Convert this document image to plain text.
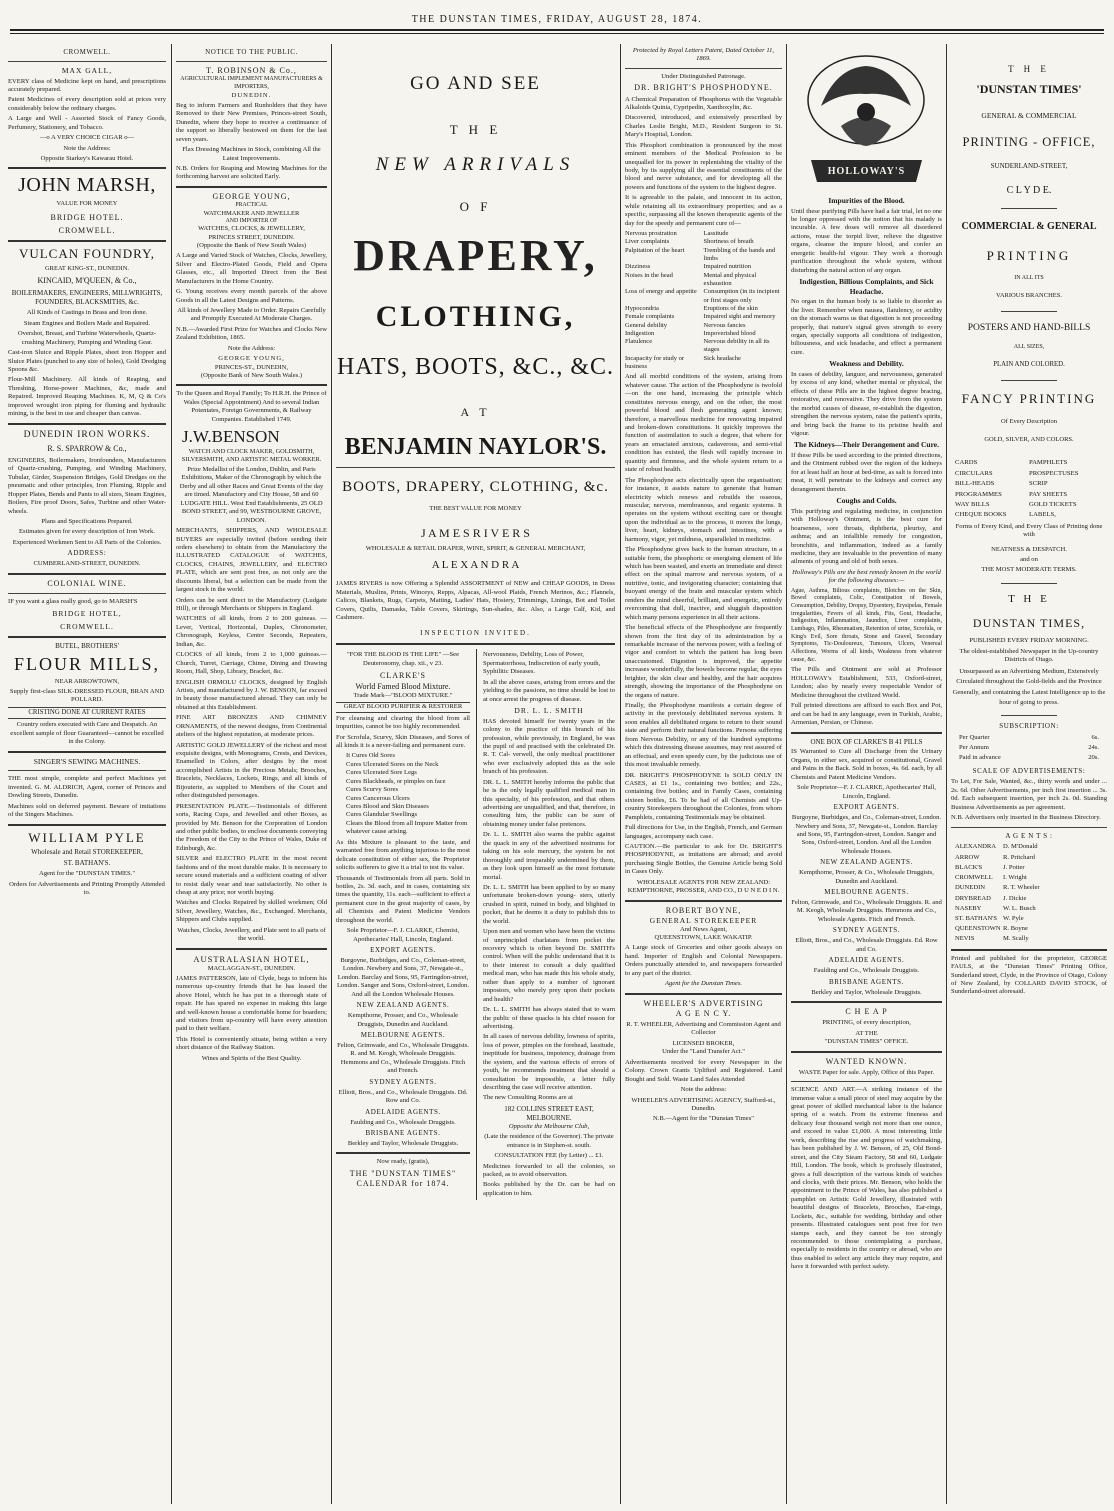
THE DUNSTAN TIMES, FRIDAY, AUGUST 28, 1874.
CROMWELL.
MAX GALL,

EVERY class of Medicine kept on hand, and prescriptions accurately prepared.

Patent Medicines of every description sold at prices very considerably below the ordinary charges.

A Large and Well - Assorted Stock of Fancy Goods, Perfumery, Stationery, and Tobacco.

—o A VERY CHOICE CIGAR o—

Note the Address:

Opposite Starkey's Kawarau Hotel.

JOHN MARSH,
VALUE FOR MONEY
BRIDGE HOTEL.
CROMWELL.
VULCAN FOUNDRY,
GREAT KING-ST., DUNEDIN.
KINCAID, M'QUEEN, & Co.,
BOILERMAKERS, ENGINEERS, MILLWRIGHTS, FOUNDERS, BLACKSMITHS, &c.

All Kinds of Castings in Brass and Iron done.

Steam Engines and Boilers Made and Repaired.

Overshot, Breast, and Turbine Waterwheels, Quartz-crushing Machinery, Pumping and Winding Gear.

Cast-iron Sluice and Ripple Plates, sheet iron Hopper and Sluice Plates (punched to any size of holes), Gold Dredging Spoons &c.

Flour-Mill Machinery. All kinds of Reaping, and Threshing, Horse-power Machines, &c, made and Repaired. Improved Reaping Machines. K, M, Q & Co's improved wrought iron piping for fluming and hydraulic mining, is the best in use and cheaper than canvas.

DUNEDIN IRON WORKS.
R. S. SPARROW & Co.,

ENGINEERS, Boilermakers, Ironfounders, Manufacturers of Quartz-crushing, Pumping, and Winding Machinery, Tubular, Girder, Suspension Bridges, Gold Dredges on the pneumatic and other principles, Iron Fluming, Ripple and Hopper Plates, Bends and Pants to all sizes, Steam Engines, Boilers, Fire proof Doors, Safes, Turbine and other Water-wheels.

Plans and Specifications Prepared.

Estimates given for every description of Iron Work.

Experienced Workmen Sent to All Parts of the Colonies.

ADDRESS:

CUMBERLAND-STREET, DUNEDIN.

COLONIAL WINE.

IF you want a glass really good, go to MARSH'S

BRIDGE HOTEL,
CROMWELL.
BUTEL, BROTHERS'
FLOUR MILLS,
NEAR ARROWTOWN,

Supply first-class SILK-DRESSED FLOUR, BRAN AND POLLARD.

CRISTING DONE AT CURRENT RATES

Country orders executed with Care and Despatch. An excellent sample of flour Guaranteed—cannot be excelled in the Colony.

SINGER'S SEWING MACHINES.

THE most simple, complete and perfect Machines yet invented. G. M. ALDRICH, Agent, corner of Princes and Dowling Streets, Dunedin.

Machines sold on deferred payment. Beware of imitations of the Singers Machines.

WILLIAM PYLE
Wholesale and Retail STOREKEEPER,
ST. BATHAN'S.

Agent for the "DUNSTAN TIMES."

Orders for Advertisements and Printing Promptly Attended to.

NOTICE TO THE PUBLIC.
T. ROBINSON & Co.,
AGRICULTURAL IMPLEMENT MANUFACTURERS & IMPORTERS,
DUNEDIN.

Beg to inform Farmers and Runholders that they have Removed to their New Premises, Princes-street South, Dunedin, where they hope to receive a continuance of the support so liberally bestowed on them for the last seven years.

Flax Dressing Machines in Stock, combining All the Latest Improvements.

N.B. Orders for Reaping and Mowing Machines for the forthcoming harvest are solicited Early.

GEORGE YOUNG,
PRACTICAL
WATCHMAKER AND JEWELLER
AND IMPORTER OF
WATCHES, CLOCKS, & JEWELLERY,
PRINCES STREET, DUNEDIN.
(Opposite the Bank of New South Wales)

A Large and Varied Stock of Watches, Clocks, Jewellery, Silver and Electro-Plated Goods, Field and Opera Glasses, etc., all Imported Direct from the Best Manufacturers in the Home Country.

G. Young receives every month parcels of the above Goods in all the Latest Designs and Patterns.

All kinds of Jewellery Made to Order. Repairs Carefully and Promptly Executed At Moderate Charges.

N.B.—Awarded First Prize for Watches and Clocks New Zealand Exhibition, 1865.

Note the Address:

GEORGE YOUNG,
PRINCES-ST., DUNEDIN,
(Opposite Bank of New South Wales.)

To the Queen and Royal Family; To H.R.H. the Prince of Wales (Special Appointment) And to several Indian Potentates, Foreign Governments, & Railway Companies. Established 1749.

J.W.BENSON
WATCH AND CLOCK MAKER, GOLDSMITH, SILVERSMITH, AND ARTISTIC METAL WORKER.

Prize Medallist of the London, Dublin, and Paris Exhibitions, Maker of the Chronograph by which the Derby and all other Races and Great Events of the day are timed. Manufactory and City House, 58 and 60 LUDGATE HILL. West End Establishments, 25 OLD BOND STREET, and 99, WESTBOURNE GROVE, LONDON.

MERCHANTS, SHIPPERS, AND WHOLESALE BUYERS are especially invited (before sending their orders elsewhere) to obtain from the Manufactory the ILLUSTRATED CATALOGUE of WATCHES, CLOCKS, CHAINS, JEWELLERY, and ELECTRO PLATE, which are sent post free, as not only are the discounts liberal, but a selection can be made from the largest stock in the world.

Orders can be sent direct to the Manufactory (Ludgate Hill), or through Merchants or Shippers in England.

WATCHES of all kinds, from 2 to 200 guineas. — Lever, Vertical, Horizontal, Duplex, Chronometer, Chronograph, Keyless, Centre Seconds, Repeaters, Indian, &c.

CLOCKS of all kinds, from 2 to 1,000 guineas.—Church, Turret, Carriage, Chime, Dining and Drawing Room, Hall, Shop, Library, Bracket, &c.

ENGLISH ORMOLU CLOCKS, designed by English Artists, and manufactured by J. W. BENSON, far exceed in beauty those manufactured abroad. They can only be obtained at this Establishment.

FINE ART BRONZES AND CHIMNEY ORNAMENTS, of the newest designs, from Continental ateliers of the highest reputation, at moderate prices.

ARTISTIC GOLD JEWELLERY of the richest and most exquisite designs, with Monograms, Crests, and Devices, Enamelled in Colors, after designs by the most accomplished Artists in the Precious Metals; Brooches, Bracelets, Necklaces, Lockets, Rings, and all kinds of Bijouterie, as supplied to Members of the Court and other distinguished personages.

PRESENTATION PLATE.—Testimonials of different sorts, Racing Cups, and Jewelled and other Boxes, as provided by Mr. Benson for the Corporation of London and other public bodies, to enclose documents conveying the Freedom of the City to the Prince of Wales, Duke of Edinburgh, &c.

SILVER and ELECTRO PLATE in the most recent fashions and of the most durable make. It is necessary to secure sound materials and a sufficient coating of silver to resist daily wear and tear satisfactorily. No other is cheap at any price; nor worth buying.

Watches and Clocks Repaired by skilled workmen; Old Silver, Jewellery, Watches, &c., Exchanged. Merchants, Shippers and Clubs supplied.

Watches, Clocks, Jewellery, and Plate sent to all parts of the world.

AUSTRALASIAN HOTEL,
MACLAGGAN-ST., DUNEDIN.

JAMES PATTERSON, late of Clyde, begs to inform his numerous up-country friends that he has leased the above Hotel, which he has put in a thorough state of repair. He has spared no expense in making this large and well-known house a comfortable home for boarders; and visitors from up-country will have every attention paid to their welfare.

This Hotel is conveniently situate, being within a very short distance of the Railway Station.

Wines and Spirits of the Best Quality.

GO AND SEE
T H E
NEW ARRIVALS
O F
DRAPERY,
CLOTHING,
HATS, BOOTS, &C., &C.
A T
BENJAMIN NAYLOR'S.
BOOTS, DRAPERY, CLOTHING, &c.
THE BEST VALUE FOR MONEY
J A M E S R I V E R S
WHOLESALE & RETAIL DRAPER, WINE, SPIRIT, & GENERAL MERCHANT,
A L E X A N D R A

JAMES RIVERS is now Offering a Splendid ASSORTMENT of NEW and CHEAP GOODS, in Dress Materials, Muslins, Prints, Winceys, Repps, Alpacas, All-wool Plaids, French Merinos, &c.; Flannels, Calicos, Blankets, Rugs, Carpets, Matting, Ladies' Hats, Hosiery, Trimmings, Linings, Bot and Toilet Covers, Quilts, Damasks, Table Covers, Skirtings, Sun-shades, &c. Also, a Large Calf, Kid, and Cashmere.

INSPECTION INVITED.

"FOR THE BLOOD IS THE LIFE" —See Deuteronomy, chap. xii., v 23.

CLARKE'S
World Famed Blood Mixture.
Trade Mark—"BLOOD MIXTURE."
GREAT BLOOD PURIFIER & RESTORER

For cleansing and clearing the blood from all impurities, cannot be too highly recommended.

For Scrofula, Scurvy, Skin Diseases, and Sores of all kinds it is a never-failing and permanent cure.

It Cures Old Sores
Cures Ulcerated Sores on the Neck
Cures Ulcerated Sore Legs
Cures Blackheads, or pimples on face
Cures Scurvy Sores
Cures Cancerous Ulcers
Cures Blood and Skin Diseases
Cures Glandular Swellings
Clears the Blood from all Impure Matter from whatever cause arising.

As this Mixture is pleasant to the taste, and warranted free from anything injurious to the most delicate constitution of either sex, the Proprietor solicits sufferers to give it a trial to test its value.

Thousands of Testimonials from all parts. Sold in bottles, 2s. 3d. each, and in cases, containing six times the quantity, 11s. each—sufficient to effect a permanent cure in the great majority of cases, by all Chemists and Patent Medicine Vendors throughout the world.

Sole Proprietor—F. J. CLARKE, Chemist, Apothecaries' Hall, Lincoln, England.

EXPORT AGENTS.

Burgoyne, Burbidges, and Co., Coleman-street, London. Newbery and Sons, 37, Newgate-st., London. Barclay and Sons, 95, Farringdon-street, London. Sanger and Sons, Oxford-street, London. And all the London Wholesale Houses.

NEW ZEALAND AGENTS.

Kempthorne, Prosser, and Co., Wholesale Druggists, Dunedin and Auckland.

MELBOURNE AGENTS.

Felton, Grimwade, and Co., Wholesale Druggists. R. and M. Keogh, Wholesale Druggists. Hemmons and Co., Wholesale Druggists. Fitch and French.

SYDNEY AGENTS.

Elliott, Bros., and Co., Wholesale Druggists. Dd. Row and Co.

ADELAIDE AGENTS.

Faulding and Co., Wholesale Druggists.

BRISBANE AGENTS.

Berkley and Taylor, Wholesale Druggists.

Now ready, (gratis),

THE "DUNSTAN TIMES"
CALENDAR for 1874.

Nervousness, Debility, Loss of Power, Spermatorrhoea, Indiscretion of early youth, Syphilitic Diseases.

In all the above cases, arising from errors and the yielding to the passions, no time should be lost to at once arrest the progress of disease.

DR. L. L. SMITH

HAS devoted himself for twenty years in the colony to the practice of this branch of his profession, while previously, in England, he was the pupil of and practised with the celebrated Dr. R. T. Cal- verwell, the only medical practitioner who ever exclusively adopted this as the sole branch of his profession.

DR. L. L. SMITH hereby informs the public that he is the only legally qualified medical man in this specialty, of his profession, and that others advertising are unqualified, and that, therefore, in consulting him, the public can be sure of obtaining money under false pretences.

Dr. L. L. SMITH also warns the public against the quack in any of the advertised nostrums for taking on his sole mercury, the system be not thoroughly and irreparably undermined by them, as they look upon himself as the most fortunate mortal.

Dr. L. L. SMITH has been applied to by so many unfortunate broken-down young- sters, utterly crushed in spirit, ruined in body, and blighted in pocket, that he deems it a duty to publish this to the world.

Upon men and women who have been the victims of unprincipled charlatans from pocket the recovery which is often beyond Dr. SMITH's control. When will the public understand that it is to their interest to consult a duly qualified medical man, who has made this his whole study, rather than apply to a number of ignorant impostors, who merely prey upon their pockets and health?

Dr. L. L. SMITH has always stated that to warn the public of these quacks is his chief reason for advertising.

In all cases of nervous debility, lowness of spirits, loss of power, pimples on the forehead, lassitude, ineptitude for business, impotency, drainage from the system, and the various effects of errors of youth, he recommends treatment that should a consultation be impossible, a letter fully describing the case will receive attention.

The new Consulting Rooms are at

182 COLLINS STREET EAST, MELBOURNE.
Opposite the Melbourne Club,

(Late the residence of the Governor). The private entrance is in Stephen-st. south.

CONSULTATION FEE (by Letter) ... £1.

Medicines forwarded to all the colonies, so packed, as to avoid observation.

Books published by the Dr. can be had on application to him.

Protected by Royal Letters Patent, Dated October 11, 1869.

Under Distinguished Patronage.

DR. BRIGHT'S PHOSPHODYNE.

A Chemical Preparation of Phosphorus with the Vegetable Alkaloids Quinia, Cypripedin, Xanthoxylin, &c.

Discovered, introduced, and extensively prescribed by Charles Leslie Bright, M.D., Resident Surgeon to St. Mary's Hospital, London.

This Phosphori combination is pronounced by the most eminent members of the Medical Profession to be unequalled for its power in replenishing the vitality of the body, by its supplying all the essential constituents of the blood and nerve substance, and for developing all the powers and functions of the system to the highest degree.

It is agreeable to the palate, and innocent in its action, while retaining all its extraordinary properties; and as a specific, surpassing all the known therapeutic agents of the day for the speedy and permanent cure of—

Nervous prostration	Lassitude
Liver complaints	Shortness of breath
Palpitation of the heart	Trembling of the hands and limbs
Dizziness	Impaired nutrition
Noises in the head	Mental and physical exhaustion
Loss of energy and appetite	Consumption (in its incipient or first stages only
Hypocondria	Eruptions of the skin
Female complaints	Impaired sight and memory
General debility	Nervous fancies
Indigestion	Impoverished blood
Flatulence	Nervous debility in all its stages
Incapacity for study or business
Sick headache

And all morbid conditions of the system, arising from whatever cause. The action of the Phosphodyne is twofold—on the one hand, increasing the principle which constitutes nervous energy, and on the other, the most powerful blood and flesh generating agent known; therefore, a marvellous medicine for renovating impaired and broken-down constitutions. It quickly improves the function of assimilation to such a degree, that where for years an emaciated anxious, cadaverous, and semi-vital condition has existed, the flesh will rapidly increase in quantity and firmness, and the whole system return to a state of robust health.

The Phosphodyne acts electrically upon the organisation; for instance, it assists nature to generate that human electricity which renews and rebuilds the osseous, muscular, nervous, membranous, and organic systems. It operates on the system without exciting care or thought upon the individual as to the process, it moves the lungs, liver, heart, kidneys, stomach and intestines, with a harmony, vigor, yet mildness, unparalleled in medicine.

The Phosphodyne gives back to the human structure, in a suitable form, the phosphoric or energising element of life which has been wasted, and exerts an immediate and direct effect on the spinal marrow and nervous system, of a nutritive, tonic, and invigorating character; containing that buoyant energy of the brain and muscular system which renders the mind cheerful, brilliant, and energetic, entirely overcoming that dull, inactive, and sluggish disposition which many persons experience in all their actions.

The beneficial effects of the Phosphodyne are frequently shown from the first day of its administration by a remarkable increase of the nervous power, with a feeling of vigor and comfort to which the patient has long been unaccustomed. Digestion is improved, the appetite increases wonderfully, the bowels become regular, the eyes brighter, the skin clear and healthy, and the hair acquires strength, showing the importance of the Phosphodyne on the organs of nature.

Finally, the Phosphodyne manifests a certain degree of activity in the previously debilitated nervous system. It soon enables all debilitated organs to return to their sound state and perform their natural functions. Persons suffering from Nervous Debility, or any of the hundred symptoms which this distressing disease assumes, may rest assured of an effectual, and even speedy cure, by the judicious use of this most invaluable remedy.

DR. BRIGHT'S PHOSPHODYNE Is SOLD ONLY IN CASES, at £1 1s., containing two bottles; and 22s., containing five bottles; and in Family Cases, containing sixteen bottles, £6. To be had of all Chemists and Up-country Storekeepers throughout the Colonies, from whom Pamphlets, containing Testimonials may be obtained.

Full directions for Use, in the English, French, and German languages, accompany each case.

CAUTION.—Be particular to ask for Dr. BRIGHT'S PHOSPHODYNE, as imitations are abroad; and avoid purchasing Single Bottles, the Genuine Article being Sold in Cases Only.

WHOLESALE AGENTS FOR NEW ZEALAND: KEMPTHORNE, PROSSER, AND CO., D U N E D I N.

ROBERT BOYNE,
GENERAL STOREKEEPER
And News Agent,
QUEENSTOWN, LAKE WAKATIP.

A Large stock of Groceries and other goods always on hand. Importer of English and Colonial Newspapers. Orders punctually attended to, and newspapers forwarded to any part of the district.

Agent for the Dunstan Times.

WHEELER'S ADVERTISING
A G E N C Y.

R. T. WHEELER, Advertising and Commission Agent and Collector

LICENSED BROKER,
Under the "Land Transfer Act."

Advertisements received for every Newspaper in the Colony. Crown Grants Uplifted and Registered. Land Bought and Sold. Waste Land Sales Attended

Note the address:

WHEELER'S ADVERTISING AGENCY, Stafford-st., Dunedin.

N.B.—Agent for the "Dunstan Times"

HOLLOWAY'S PILLS
Impurities of the Blood.

Until these purifying Pills have had a fair trial, let no one be longer oppressed with the notion that his malady is incurable. A few doses will remove all disordered actions, rouse the torpid liver, relieve the digestive organs, cleanse the impure blood, and confer an energetic health-ful vigour. They work a thorough purification throughout the whole system, without disturbing the natural action of any organ.

Indigestion, Billious Complaints, and Sick Headache.

No organ in the human body is so liable to disorder as the liver. Remember when nausea, flatulency, or acidity on the stomach warns us that digestion is not proceeding properly, that nature's signal gives strength to every organ, specially supports all conditions of indigestion, biliousness, and sick headache, and effect a permanent cure.

Weakness and Debility.

In cases of debility, languor, and nervousness, generated by excess of any kind, whether mental or physical, the effects of these Pills are in the highest degree bracing, restorative, and renovative. They drive from the system the morbid causes of disease, re-establish the digestion, strengthen the nervous system, raise the patient's spirits, and bring back the frame to its pristine health and vigour.

The Kidneys—Their Derangement and Cure.

If these Pills be used according to the printed directions, and the Ointment rubbed over the region of the kidneys for at least half an hour at bed-time, as salt is forced into meat, it will penetrate to the kidneys and correct any derangement therein.

Coughs and Colds.

This purifying and regulating medicine, in conjunction with Holloway's Ointment, is the best cure for hoarseness, sore throats, diphtheria, pleurisy, and asthma; and an infallible remedy for congestion, bronchitis, and inflammation, indeed as a family medicine, they are invaluable to the prevention of many ailments of young and old of both sexes.

Holloway's Pills are the best remedy known in the world for the following diseases:—

Ague, Asthma, Bilious complaints, Blotches on the Skin, Bowel complaints, Colic, Constipation of Bowels, Consumption, Debility, Dropsy, Dysentery, Erysipelas, Female irregularities, Fevers of all kinds, Fits, Gout, Headache, Indigestion, Inflammation, Jaundice, Liver complaints, Lumbago, Piles, Rheumatism, Retention of urine, Scrofula, or King's Evil, Sore throats, Stone and Gravel, Secondary Symptoms, Tic-Douloureux, Tumours, Ulcers, Venereal Affections, Worms of all kinds, Weakness from whatever cause, &c.

The Pills and Ointment are sold at Professor HOLLOWAY's Establishment, 533, Oxford-street, London; also by nearly every respectable Vendor of Medicine throughout the civilized World.

Full printed directions are affixed to each Box and Pot, and can be had in any language, even in Turkish, Arabic, Armenian, Persian, or Chinese.

ONE BOX OF CLARKE'S B 41 PILLS

IS Warranted to Cure all Discharge from the Urinary Organs, in either sex, acquired or constitutional, Gravel and Pains in the Back. Sold in boxes, 4s. 6d. each, by all Chemists and Patent Medicine Vendors.

Sole Proprietor—F. J. CLARKE, Apothecaries' Hall, Lincoln, England.

EXPORT AGENTS.

Burgoyne, Burbidges, and Co., Coleman-street, London. Newbery and Sons, 37, Newgate-st., London. Barclay and Sons, 95, Farringdon-street, London. Sanger and Sons, Oxford-street, London. And all the London Wholesale Houses.

NEW ZEALAND AGENTS.

Kempthorne, Prosser, & Co., Wholesale Druggists, Dunedin and Auckland.

MELBOURNE AGENTS.

Felton, Grimwade, and Co., Wholesale Druggists. R. and M. Keogh, Wholesale Druggists. Hemmons and Co., Wholesale Agents. Fitch and French.

SYDNEY AGENTS.

Elliott, Bros., and Co., Wholesale Druggists. Ed. Row and Co.

ADELAIDE AGENTS.

Faulding and Co., Wholesale Druggists.

BRISBANE AGENTS.

Berkley and Taylor, Wholesale Druggists.

C H E A P

PRINTING, of every description,

AT THE
"DUNSTAN TIMES" OFFICE.
WANTED KNOWN.

WASTE Paper for sale. Apply, Office of this Paper.

SCIENCE AND ART.—A striking instance of the immense value a small piece of steel may acquire by the great power of skilled mechanical labor is the balance spring of a watch. From its extreme fineness and delicacy four thousand weigh not more than one ounce, and exceed in value £1,000. A most interesting little work, describing the rise and progress of watchmaking, has been published by J. W. Benson, of 25, Old Bond-street, and the City Steam Factory, 58 and 60, Ludgate Hill, London. The book, which is profusely illustrated, gives a full description of the various kinds of watches and clocks, with their prices. Mr. Benson, who holds the appointment to the Prince of Wales, has also published a pamphlet on Artistic Gold Jewellery, illustrated with beautiful designs of Bracelets, Brooches, Ear-rings, Lockets, &c., suitable for wedding, birthday and other presents. Illustrated catalogues sent post free for two stamps each, and they cannot be too strongly recommended to those contemplating a purchase, especially to residents in the country or abroad, who are thus enabled to select any article they may require, and have it forwarded with perfect safety.

T H E
'DUNSTAN TIMES'
GENERAL & COMMERCIAL
PRINTING - OFFICE,
SUNDERLAND-STREET,
C L Y D E.
COMMERCIAL & GENERAL
PRINTING
IN ALL ITS
VARIOUS BRANCHES.
POSTERS AND HAND-BILLS
ALL SIZES,
PLAIN AND COLORED.
FANCY PRINTING
Of Every Description
GOLD, SILVER, AND COLORS.
CARDS	PAMPHLETS
CIRCULARS	PROSPECTUSES
BILL-HEADS	SCRIP
PROGRAMMES	PAY SHEETS
WAY BILLS	GOLD TICKETS
CHEQUE BOOKS	LABELS,

Forms of Every Kind, and Every Class of Printing done with

NEATNESS & DESPATCH.

and on

THE MOST MODERATE TERMS.

T H E
DUNSTAN TIMES,

PUBLISHED EVERY FRIDAY MORNING.

The oldest-established Newspaper in the Up-country Districts of Otago.

Unsurpassed as an Advertising Medium, Extensively Circulated throughout the Gold-fields and the Province Generally, and containing the Latest Intelligence up to the hour of going to press.

SUBSCRIPTION:
Per Quarter	6s.
Per Annum	24s.
Paid in advance	20s.
SCALE OF ADVERTISEMENTS:

To Let, For Sale, Wanted, &c., thirty words and under ... 2s. 6d. Other Advertisements, per inch first insertion ... 3s. 0d. Each subsequent insertion, per inch 2s. 0d. Standing Business Advertisements as per agreement.

N.B. Advertisers only inserted in the Business Directory.

A G E N T S :
ALEXANDRA	D. M'Donald
ARROW	R. Pritchard
BLACK'S	J. Potter
CROMWELL	I. Wright
DUNEDIN	R. T. Wheeler
DRYBREAD	J. Dickie
NASEBY	W. L. Busch
ST. BATHAN'S W. Pyle
QUEENSTOWN R. Boyne
NEVIS	M. Scally

Printed and published for the proprietor, GEORGE FAULS, at the "Dunstan Times" Printing Office, Sunderland street, Clyde, in the Province of Otago, Colony of New Zealand, by COLLARD DAVID STOCK, of Sunderland-street aforesaid.
